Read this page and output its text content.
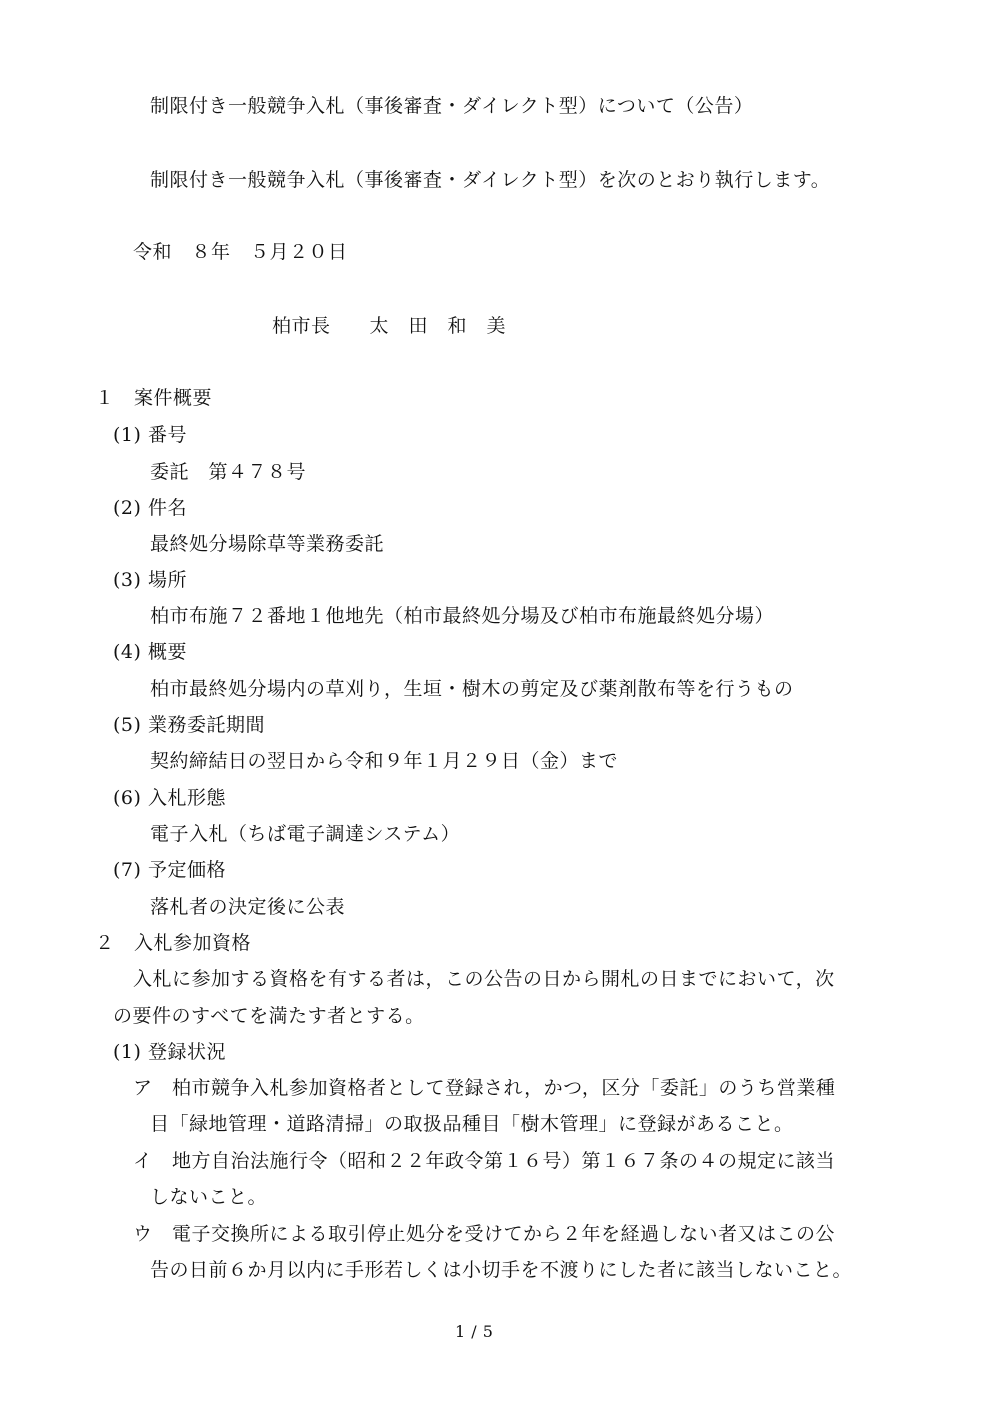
制限付き一般競争入札（事後審査・ダイレクト型）について（公告）
制限付き一般競争入札（事後審査・ダイレクト型）を次のとおり執行します。
令和　８年　５月２０日
柏市長　　太　田　和　美
１　案件概要
(1) 番号
委託　第４７８号
(2) 件名
最終処分場除草等業務委託
(3) 場所
柏市布施７２番地１他地先（柏市最終処分場及び柏市布施最終処分場）
(4) 概要
柏市最終処分場内の草刈り，生垣・樹木の剪定及び薬剤散布等を行うもの
(5) 業務委託期間
契約締結日の翌日から令和９年１月２９日（金）まで
(6) 入札形態
電子入札（ちば電子調達システム）
(7) 予定価格
落札者の決定後に公表
２　入札参加資格
入札に参加する資格を有する者は，この公告の日から開札の日までにおいて，次
の要件のすべてを満たす者とする。
(1) 登録状況
ア　柏市競争入札参加資格者として登録され，かつ，区分「委託」のうち営業種
目「緑地管理・道路清掃」の取扱品種目「樹木管理」に登録があること。
イ　地方自治法施行令（昭和２２年政令第１６号）第１６７条の４の規定に該当
しないこと。
ウ　電子交換所による取引停止処分を受けてから２年を経過しない者又はこの公
告の日前６か月以内に手形若しくは小切手を不渡りにした者に該当しないこと。
1 / 5
